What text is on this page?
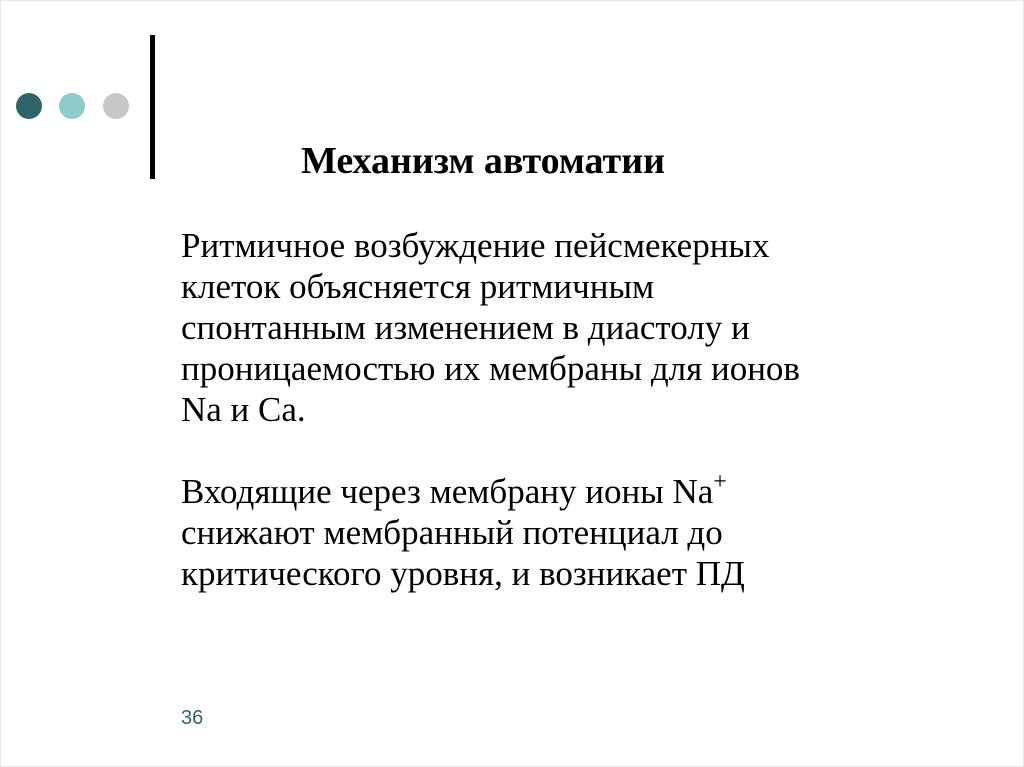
Механизм автоматии

Ритмичное возбуждение пейсмекерных
клеток объясняется ритмичным
спонтанным изменением в диастолу и
проницаемостью их мембраны для ионов
Na и Ca.

Входящие через мембрану ионы Na+
снижают мембранный потенциал до
критического уровня, и возникает ПД

36
